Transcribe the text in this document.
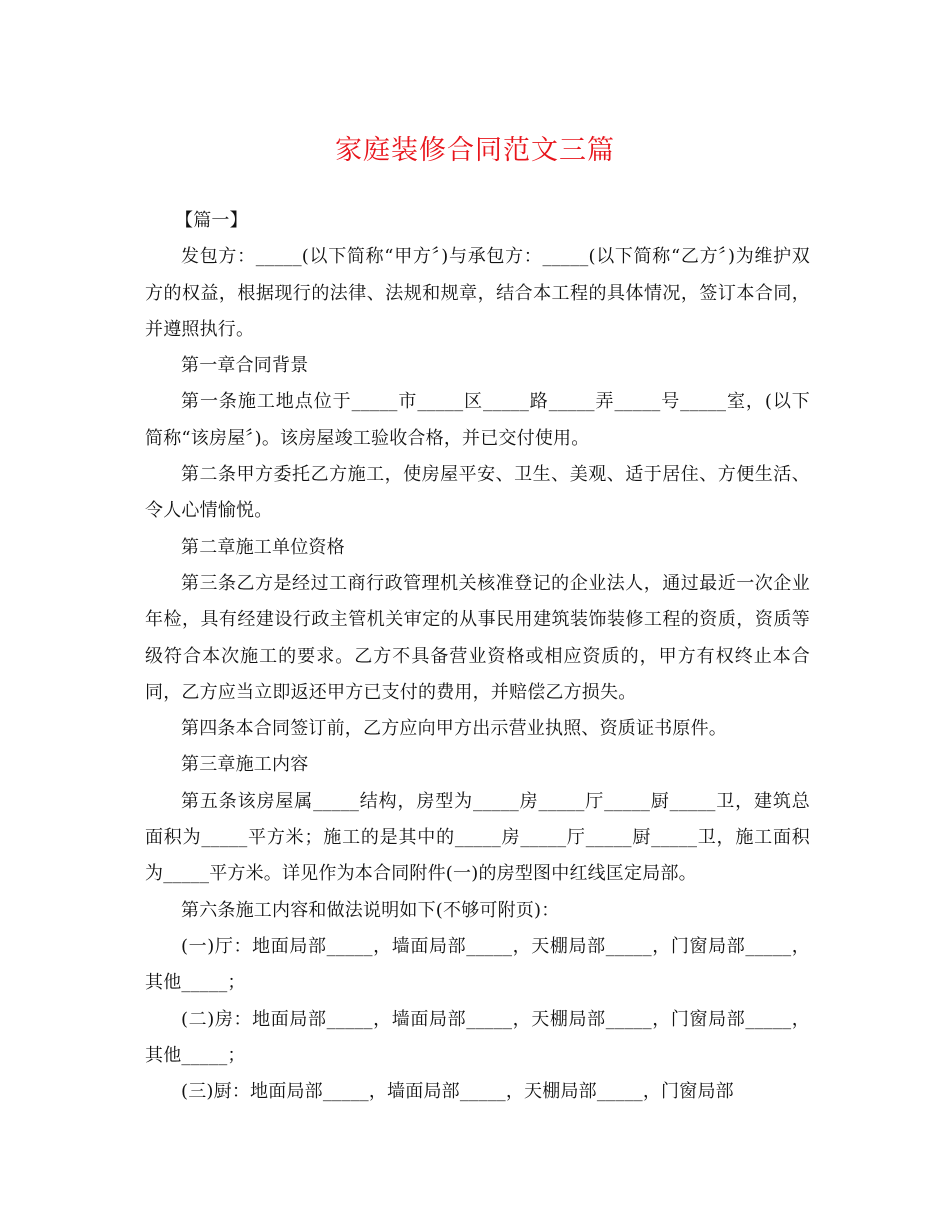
家庭装修合同范文三篇

【篇一】

发包方：_____(以下简称“甲方〞)与承包方：_____(以下简称“乙方〞)为维护双方的权益，根据现行的法律、法规和规章，结合本工程的具体情况，签订本合同，并遵照执行。

第一章合同背景

第一条施工地点位于_____市_____区_____路_____弄_____号_____室，(以下简称“该房屋〞)。该房屋竣工验收合格，并已交付使用。

第二条甲方委托乙方施工，使房屋平安、卫生、美观、适于居住、方便生活、令人心情愉悦。

第二章施工单位资格

第三条乙方是经过工商行政管理机关核准登记的企业法人，通过最近一次企业年检，具有经建设行政主管机关审定的从事民用建筑装饰装修工程的资质，资质等级符合本次施工的要求。乙方不具备营业资格或相应资质的，甲方有权终止本合同，乙方应当立即返还甲方已支付的费用，并赔偿乙方损失。

第四条本合同签订前，乙方应向甲方出示营业执照、资质证书原件。

第三章施工内容

第五条该房屋属_____结构，房型为_____房_____厅_____厨_____卫，建筑总面积为_____平方米；施工的是其中的_____房_____厅_____厨_____卫，施工面积为_____平方米。详见作为本合同附件(一)的房型图中红线匡定局部。

第六条施工内容和做法说明如下(不够可附页)：

(一)厅：地面局部_____，墙面局部_____，天棚局部_____，门窗局部_____，其他_____；

(二)房：地面局部_____，墙面局部_____，天棚局部_____，门窗局部_____，其他_____；

(三)厨：地面局部_____，墙面局部_____，天棚局部_____，门窗局部
